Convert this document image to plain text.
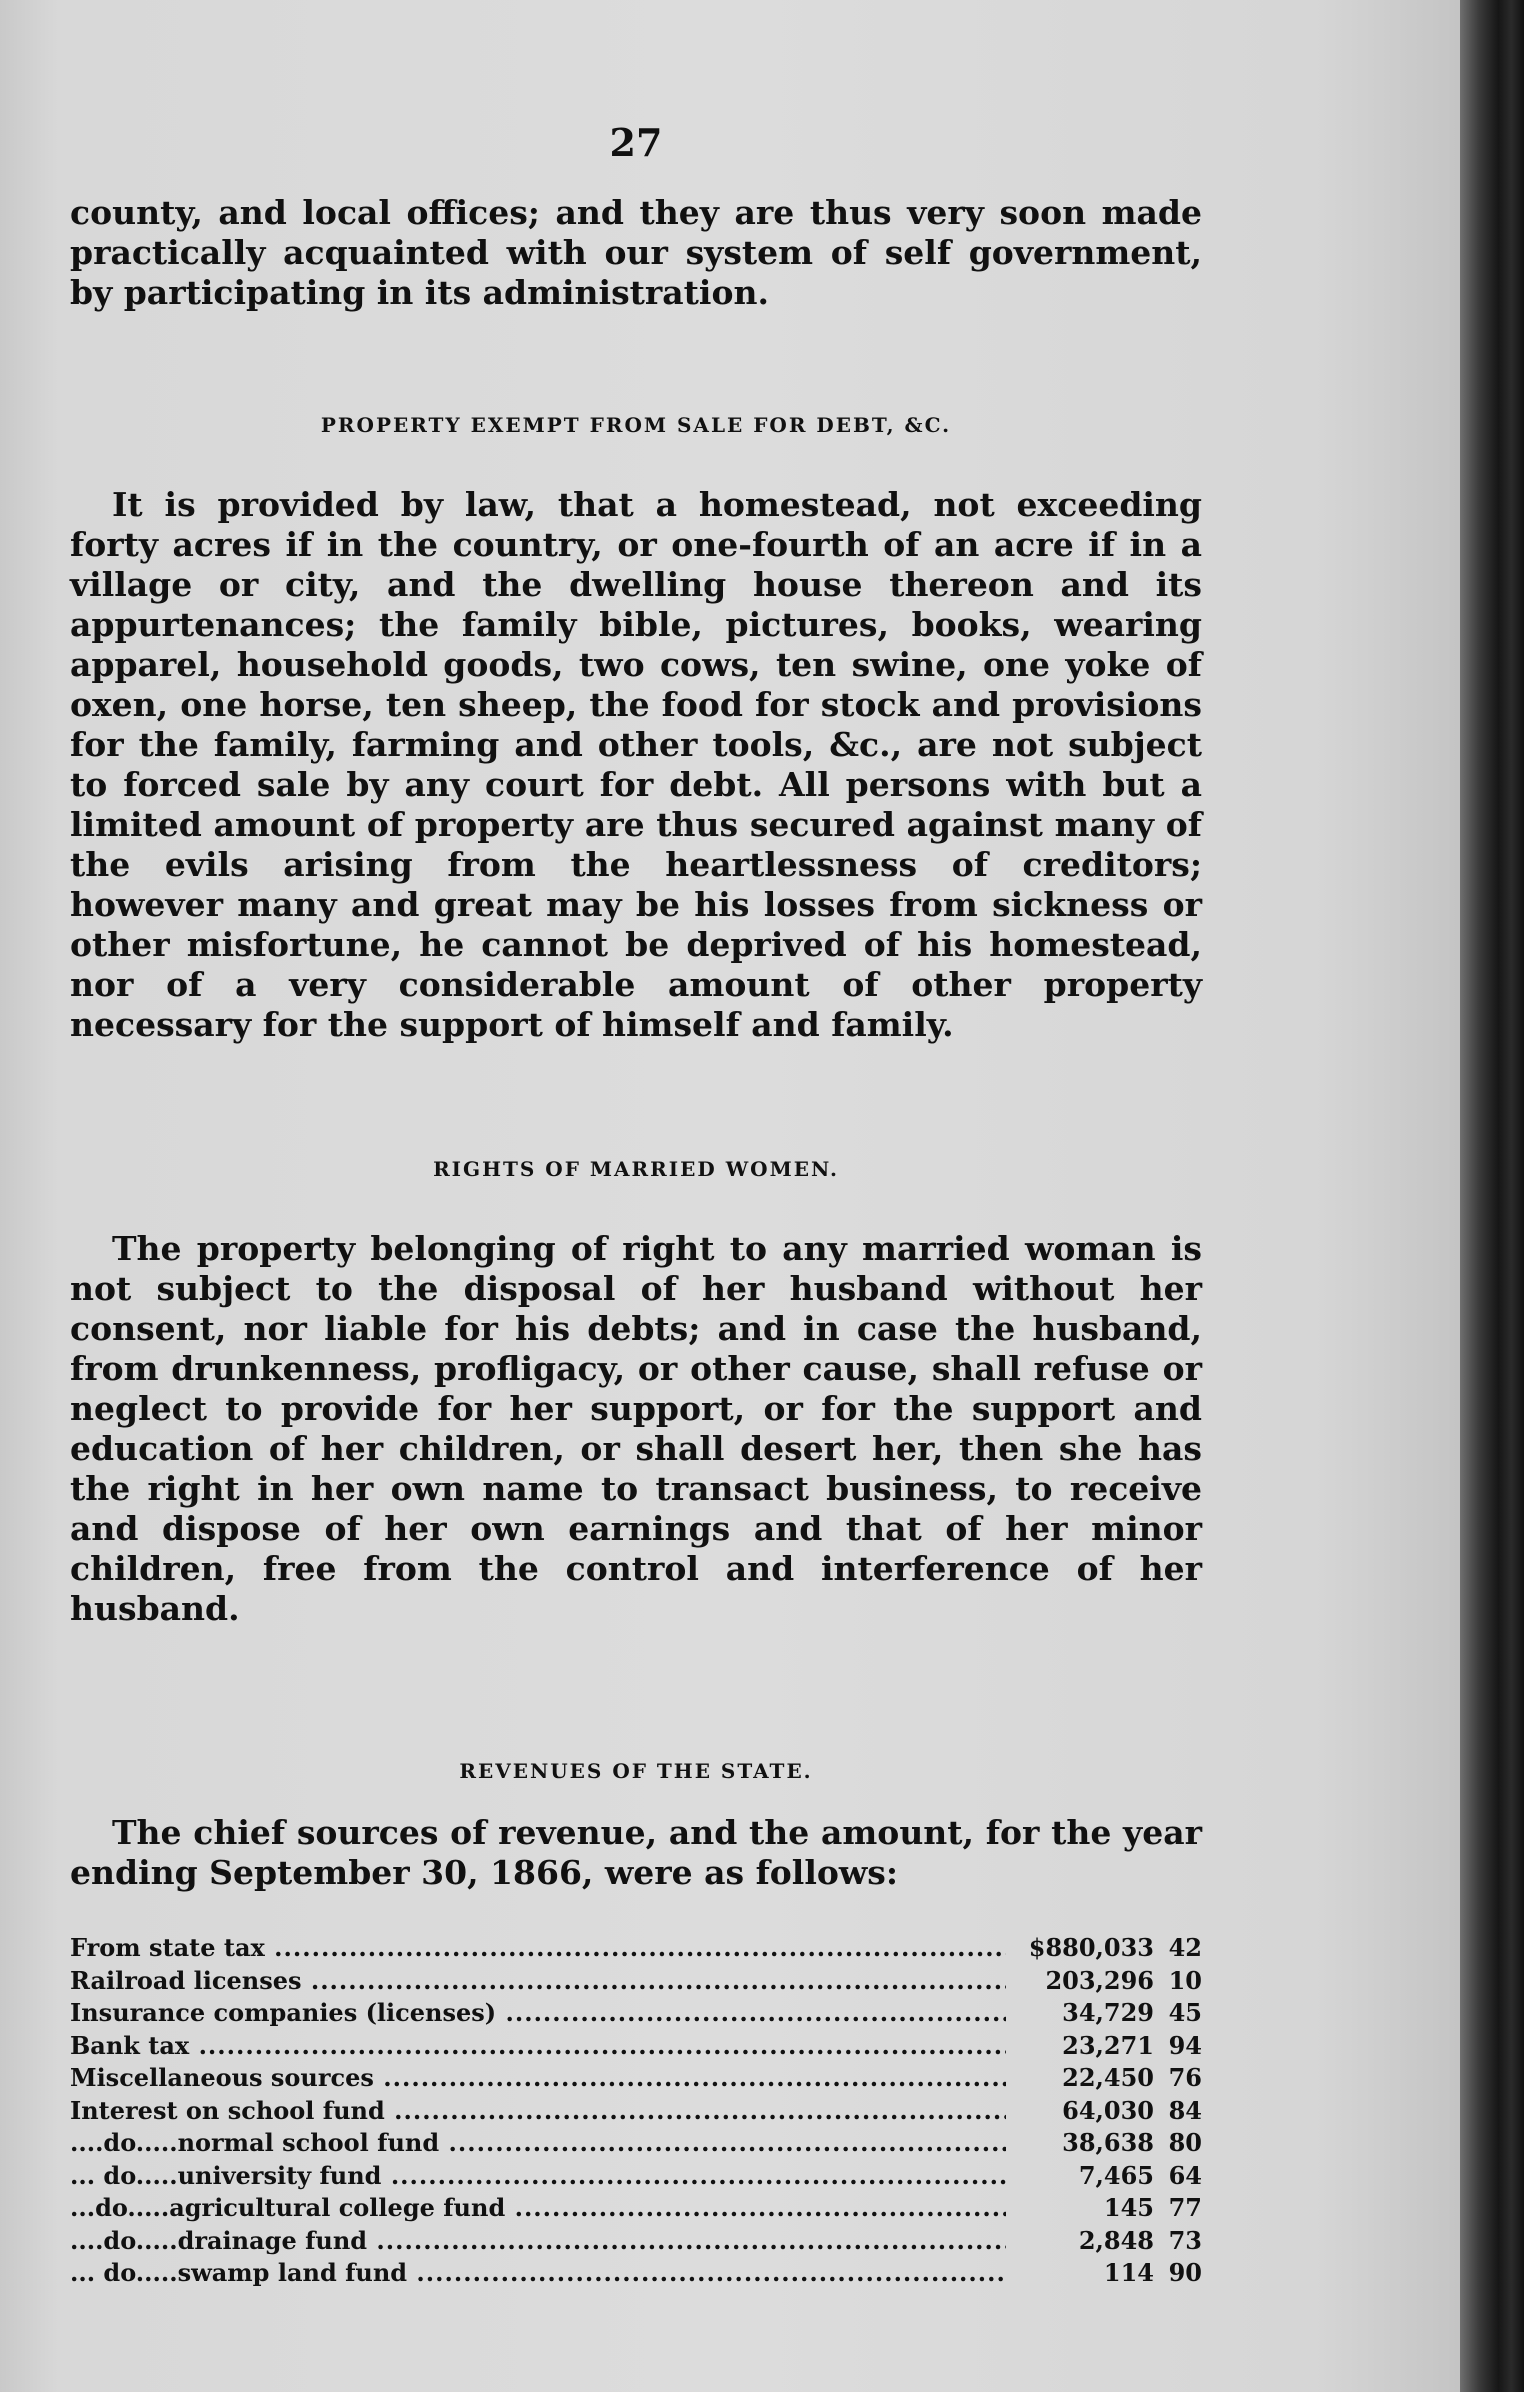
27

county, and local offices; and they are thus very soon made practically acquainted with our system of self government, by participating in its administration.

PROPERTY EXEMPT FROM SALE FOR DEBT, &C.

It is provided by law, that a homestead, not exceeding forty acres if in the country, or one-fourth of an acre if in a village or city, and the dwelling house thereon and its appurtenances; the family bible, pictures, books, wearing apparel, household goods, two cows, ten swine, one yoke of oxen, one horse, ten sheep, the food for stock and provisions for the family, farming and other tools, &c., are not subject to forced sale by any court for debt. All persons with but a limited amount of property are thus secured against many of the evils arising from the heartlessness of creditors; however many and great may be his losses from sickness or other misfortune, he cannot be deprived of his homestead, nor of a very considerable amount of other property necessary for the support of himself and family.

RIGHTS OF MARRIED WOMEN.

The property belonging of right to any married woman is not subject to the disposal of her husband without her consent, nor liable for his debts; and in case the husband, from drunkenness, profligacy, or other cause, shall refuse or neglect to provide for her support, or for the support and education of her children, or shall desert her, then she has the right in her own name to transact business, to receive and dispose of her own earnings and that of her minor children, free from the control and interference of her husband.

REVENUES OF THE STATE.

The chief sources of revenue, and the amount, for the year ending September 30, 1866, were as follows:

From state tax .....	$880,033 42
Railroad licenses .....	203,296 10
Insurance companies (licenses) .....	34,729 45
Bank tax .....	23,271 94
Miscellaneous sources .....	22,450 76
Interest on school fund .....	64,030 84
....do.....normal school fund .....	38,638 80
... do.....university fund .....	7,465 64
...do.....agricultural college fund .....	145 77
....do.....drainage fund .....	2,848 73
... do.....swamp land fund .....	114 90
